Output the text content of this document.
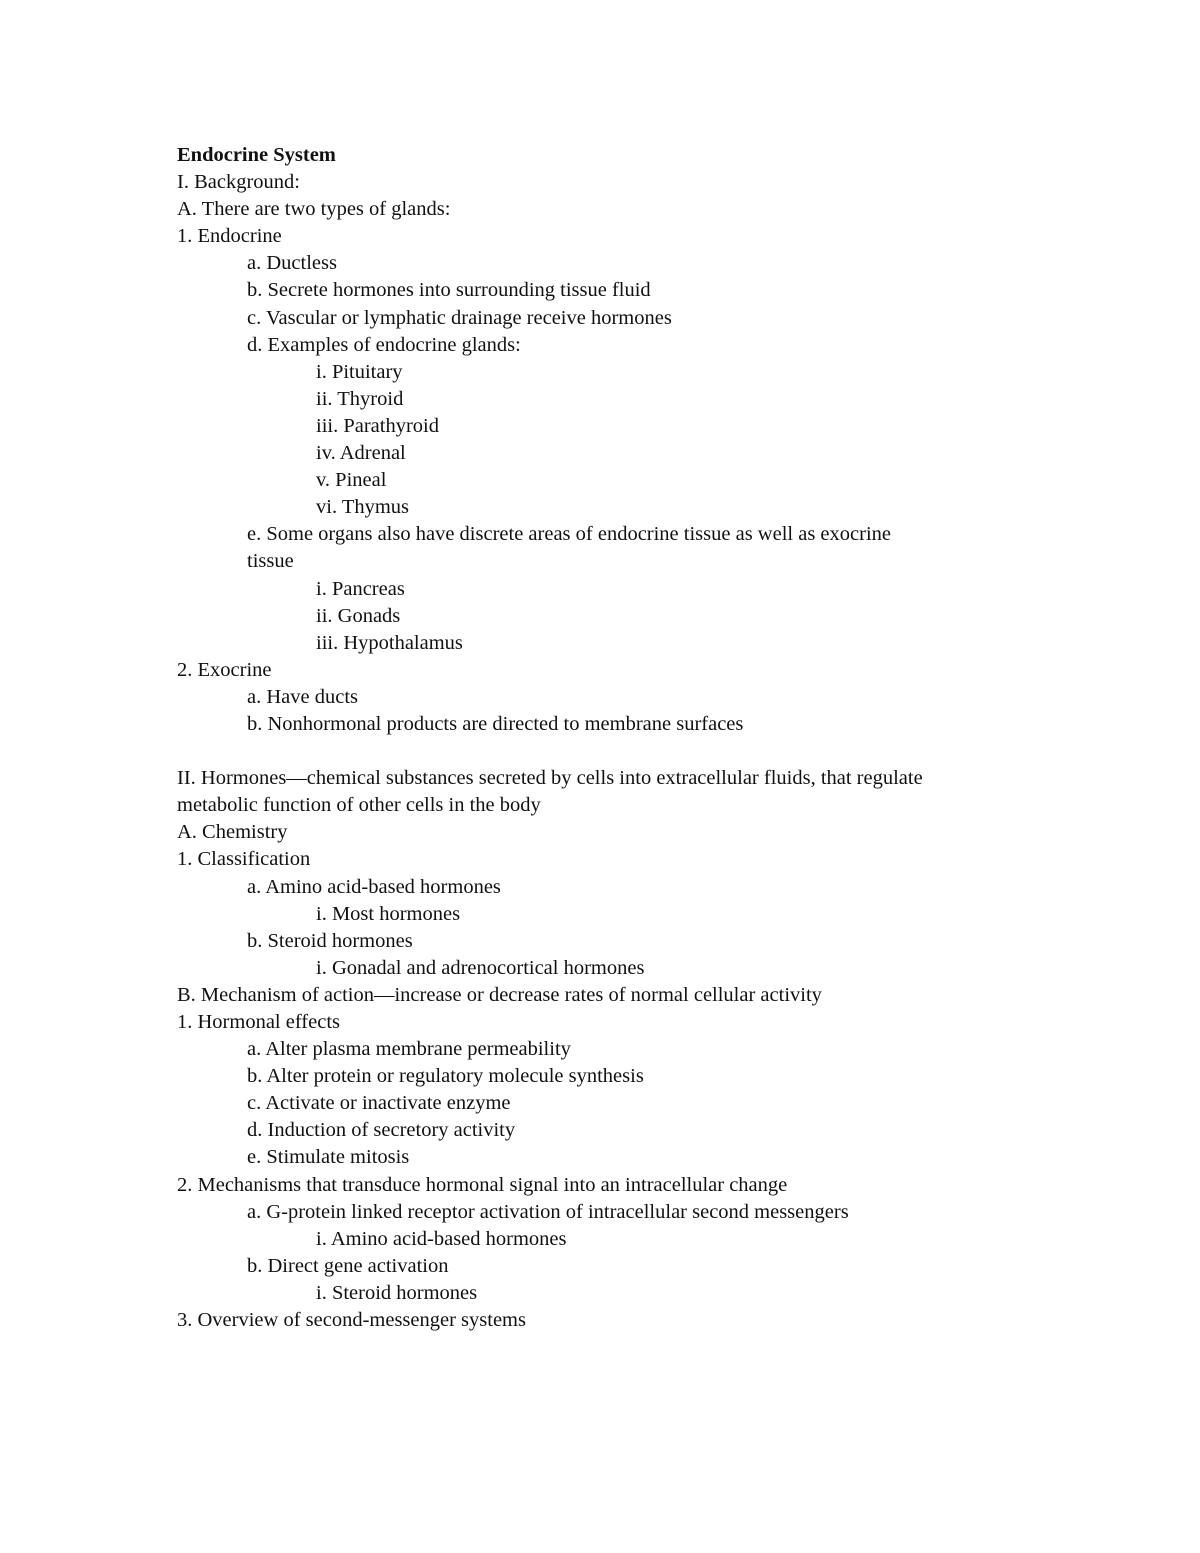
Endocrine System
I. Background:
A. There are two types of glands:
1. Endocrine
a. Ductless
b. Secrete hormones into surrounding tissue fluid
c. Vascular or lymphatic drainage receive hormones
d. Examples of endocrine glands:
i. Pituitary
ii. Thyroid
iii. Parathyroid
iv. Adrenal
v. Pineal
vi. Thymus
e. Some organs also have discrete areas of endocrine tissue as well as exocrine tissue
i. Pancreas
ii. Gonads
iii. Hypothalamus
2. Exocrine
a. Have ducts
b. Nonhormonal products are directed to membrane surfaces
II. Hormones—chemical substances secreted by cells into extracellular fluids, that regulate metabolic function of other cells in the body
A. Chemistry
1. Classification
a. Amino acid-based hormones
i. Most hormones
b. Steroid hormones
i. Gonadal and adrenocortical hormones
B. Mechanism of action—increase or decrease rates of normal cellular activity
1. Hormonal effects
a. Alter plasma membrane permeability
b. Alter protein or regulatory molecule synthesis
c. Activate or inactivate enzyme
d. Induction of secretory activity
e. Stimulate mitosis
2. Mechanisms that transduce hormonal signal into an intracellular change
a. G-protein linked receptor activation of intracellular second messengers
i. Amino acid-based hormones
b. Direct gene activation
i. Steroid hormones
3. Overview of second-messenger systems
